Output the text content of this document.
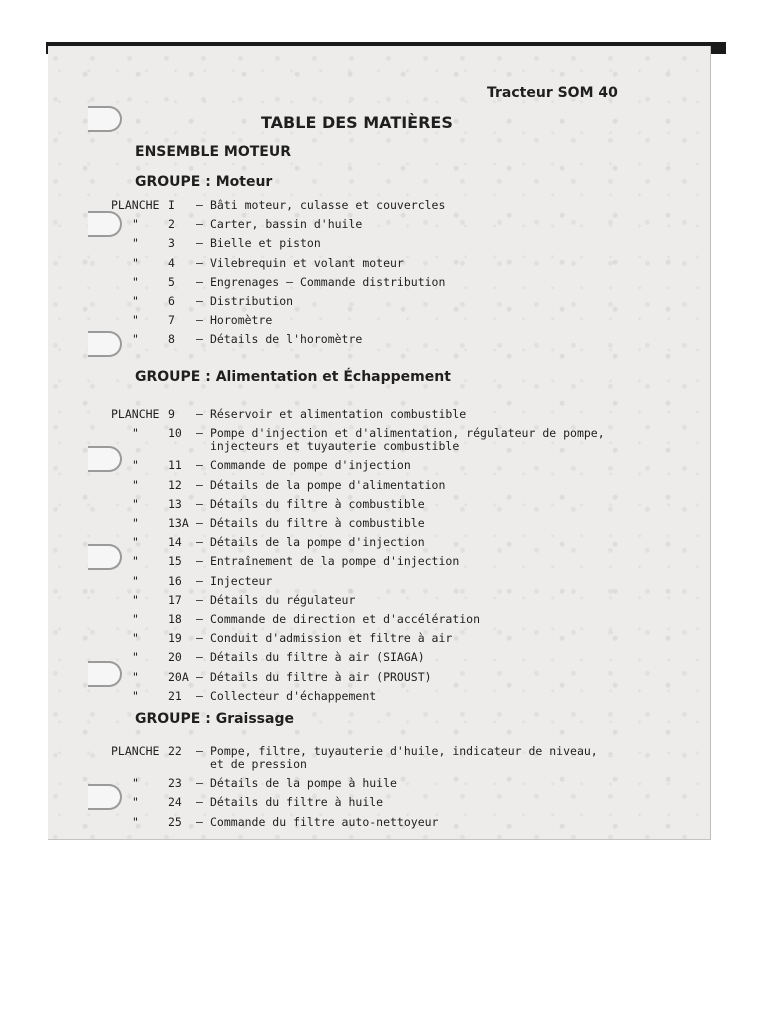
Tracteur SOM 40
TABLE DES MATIÈRES
ENSEMBLE MOTEUR
GROUPE : Moteur
PLANCHE I – Bâti moteur, culasse et couvercles
"	2 – Carter, bassin d'huile
"	3 – Bielle et piston
"	4 – Vilebrequin et volant moteur
"	5 – Engrenages – Commande distribution
"	6 – Distribution
"	7 – Horomètre
"	8 – Détails de l'horomètre
GROUPE : Alimentation et Échappement
PLANCHE 9 — Réservoir et alimentation combustible
"	10 – Pompe d'injection et d'alimentation, régulateur de pompe,
injecteurs et tuyauterie combustible
"	11 – Commande de pompe d'injection
"	12 – Détails de la pompe d'alimentation
"	13 – Détails du filtre à combustible
"	13A – Détails du filtre à combustible
"	14 – Détails de la pompe d'injection
"	15 – Entraînement de la pompe d'injection
"	16 – Injecteur
"	17 – Détails du régulateur
"	18 – Commande de direction et d'accélération
"	19 – Conduit d'admission et filtre à air
"	20 – Détails du filtre à air (SIAGA)
"	20A — Détails du filtre à air (PROUST)
"	21 – Collecteur d'échappement
GROUPE : Graissage
PLANCHE 22 – Pompe, filtre, tuyauterie d'huile, indicateur de niveau,
et de pression
"	23 – Détails de la pompe à huile
"	24 – Détails du filtre à huile
"	25 – Commande du filtre auto-nettoyeur
